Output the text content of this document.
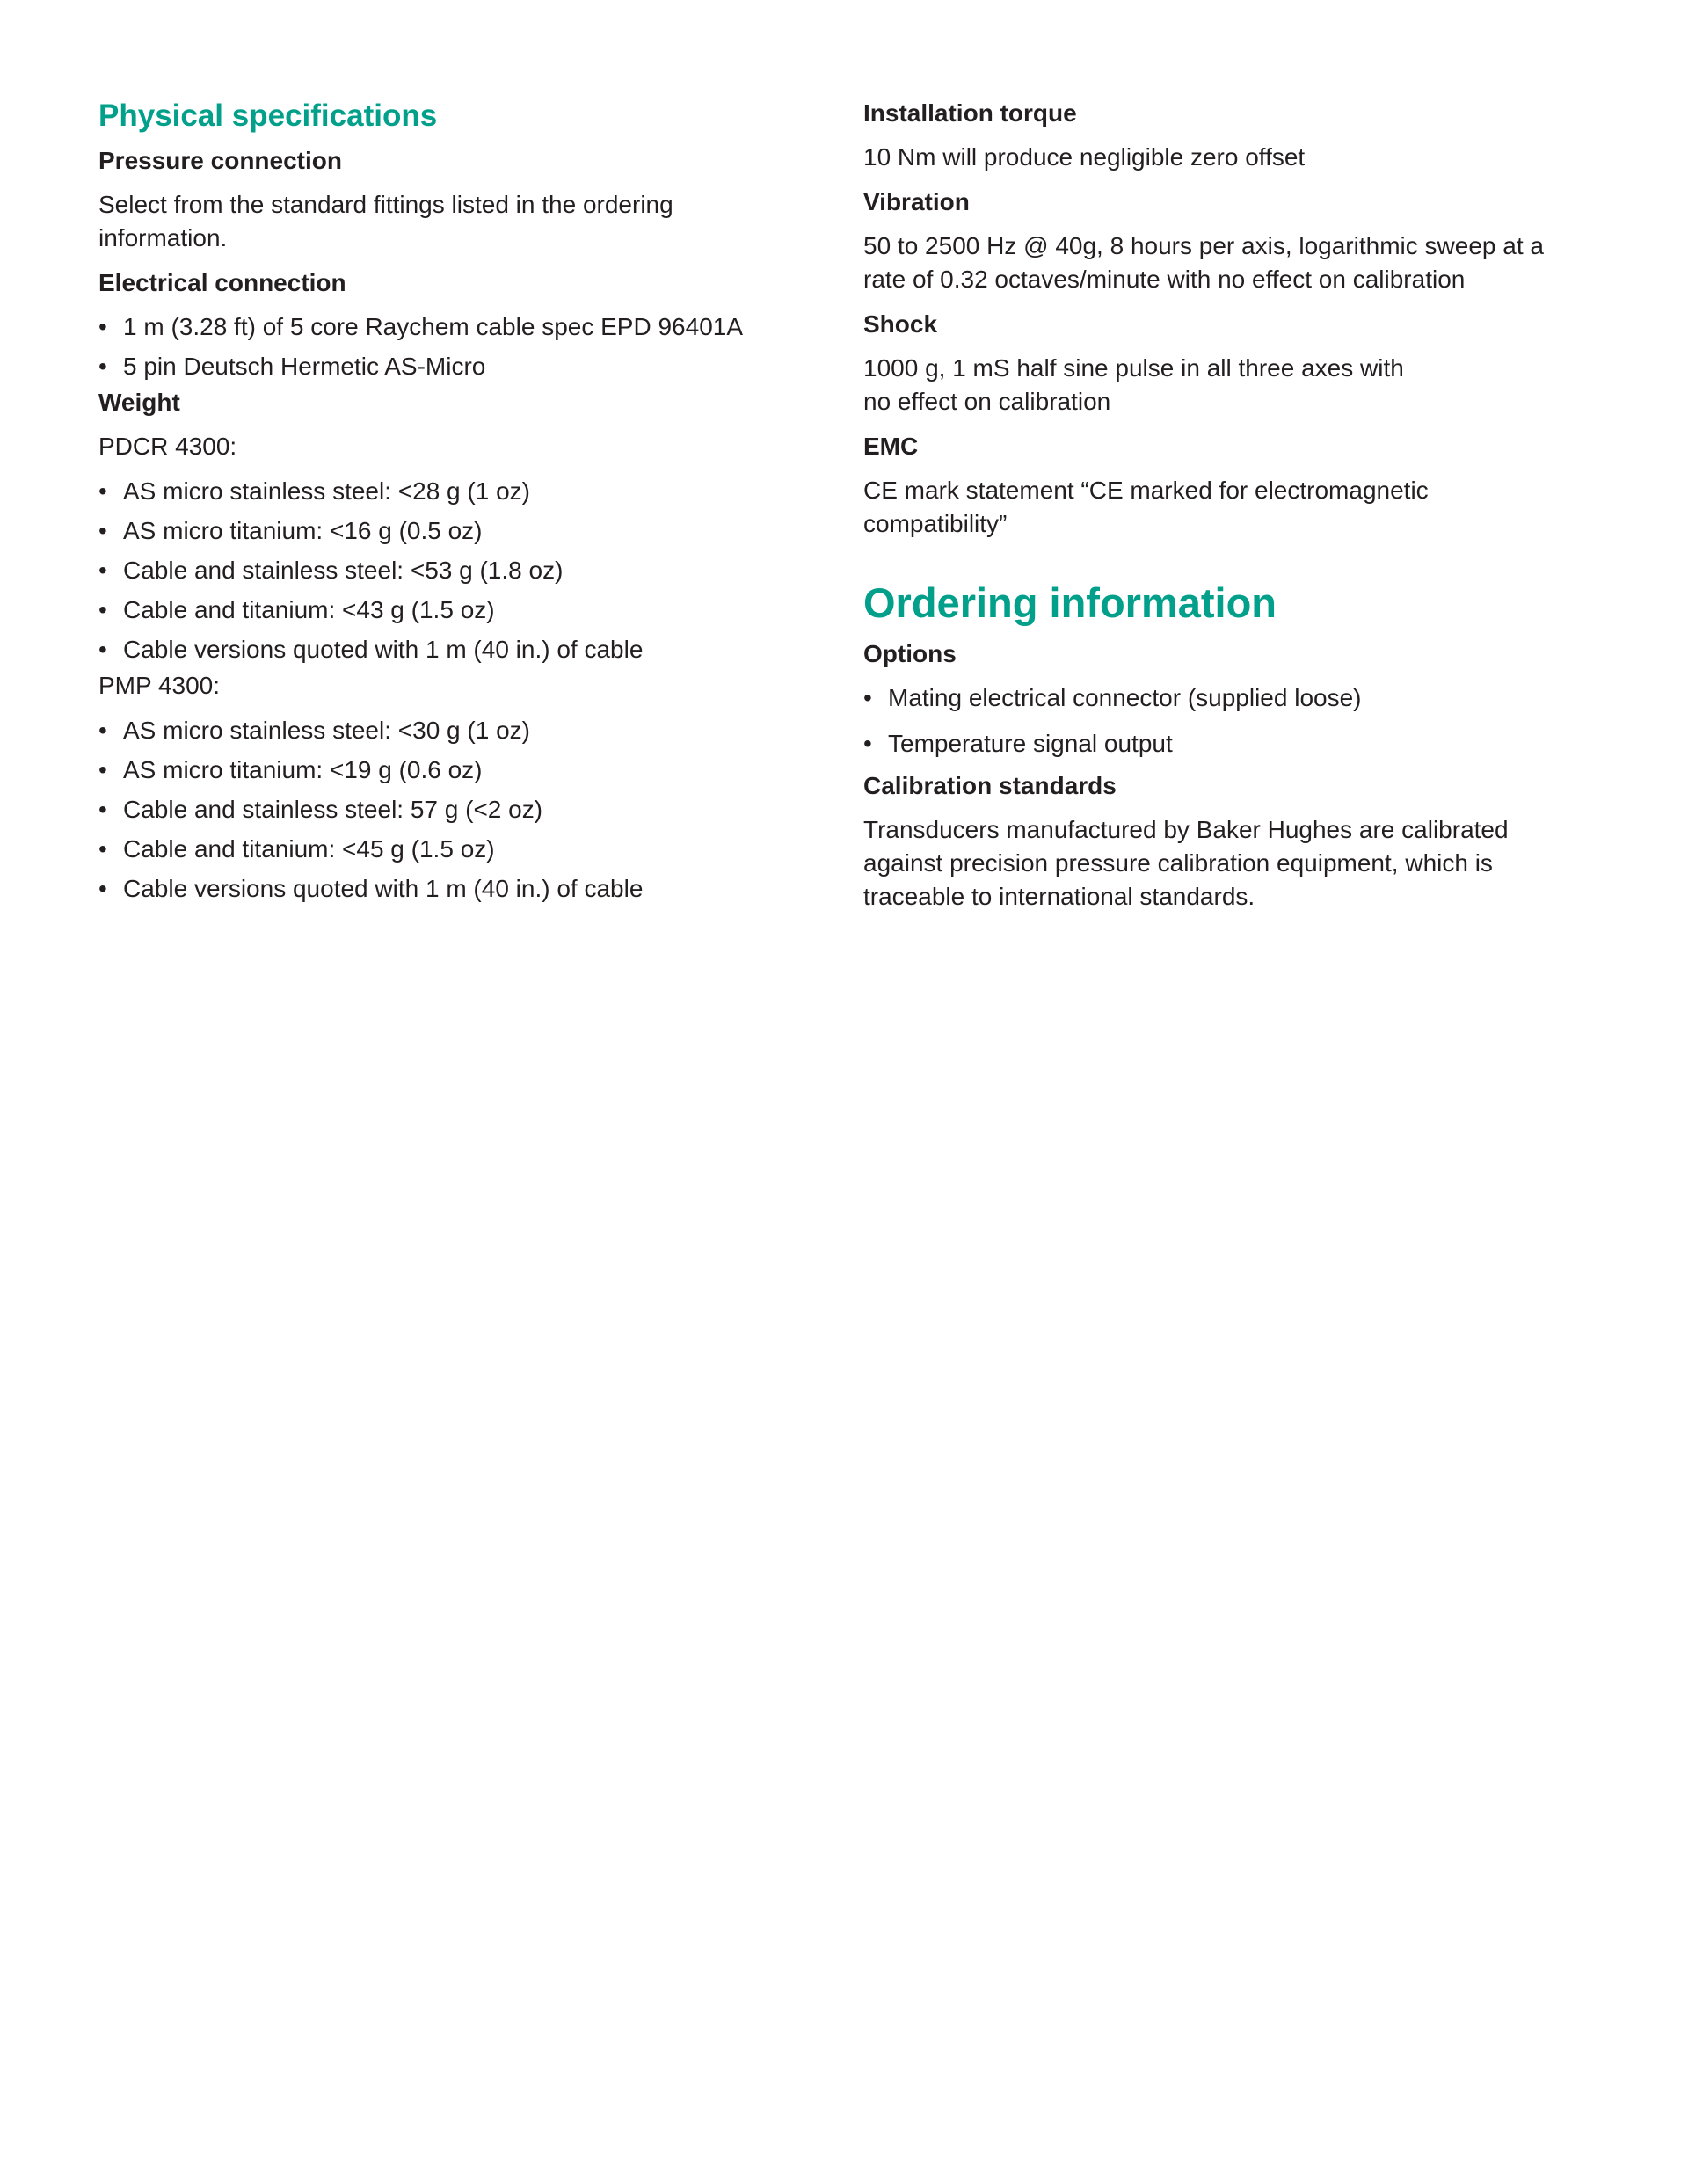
Physical specifications
Pressure connection
Select from the standard fittings listed in the ordering information.
Electrical connection
• 1 m (3.28 ft) of 5 core Raychem cable spec EPD 96401A
• 5 pin Deutsch Hermetic AS-Micro
Weight
PDCR 4300:
• AS micro stainless steel: <28 g (1 oz)
• AS micro titanium: <16 g (0.5 oz)
• Cable and stainless steel: <53 g (1.8 oz)
• Cable and titanium: <43 g (1.5 oz)
• Cable versions quoted with 1 m (40 in.) of cable
PMP 4300:
• AS micro stainless steel: <30 g (1 oz)
• AS micro titanium: <19 g (0.6 oz)
• Cable and stainless steel: 57 g (<2 oz)
• Cable and titanium: <45 g (1.5 oz)
• Cable versions quoted with 1 m (40 in.) of cable
Installation torque
10 Nm will produce negligible zero offset
Vibration
50 to 2500 Hz @ 40g, 8 hours per axis, logarithmic sweep at a
rate of 0.32 octaves/minute with no effect on calibration
Shock
1000 g, 1 mS half sine pulse in all three axes with
no effect on calibration
EMC
CE mark statement “CE marked for electromagnetic
compatibility”
Ordering information
Options
• Mating electrical connector (supplied loose)
• Temperature signal output
Calibration standards
Transducers manufactured by Baker Hughes are calibrated
against precision pressure calibration equipment, which is
traceable to international standards.
